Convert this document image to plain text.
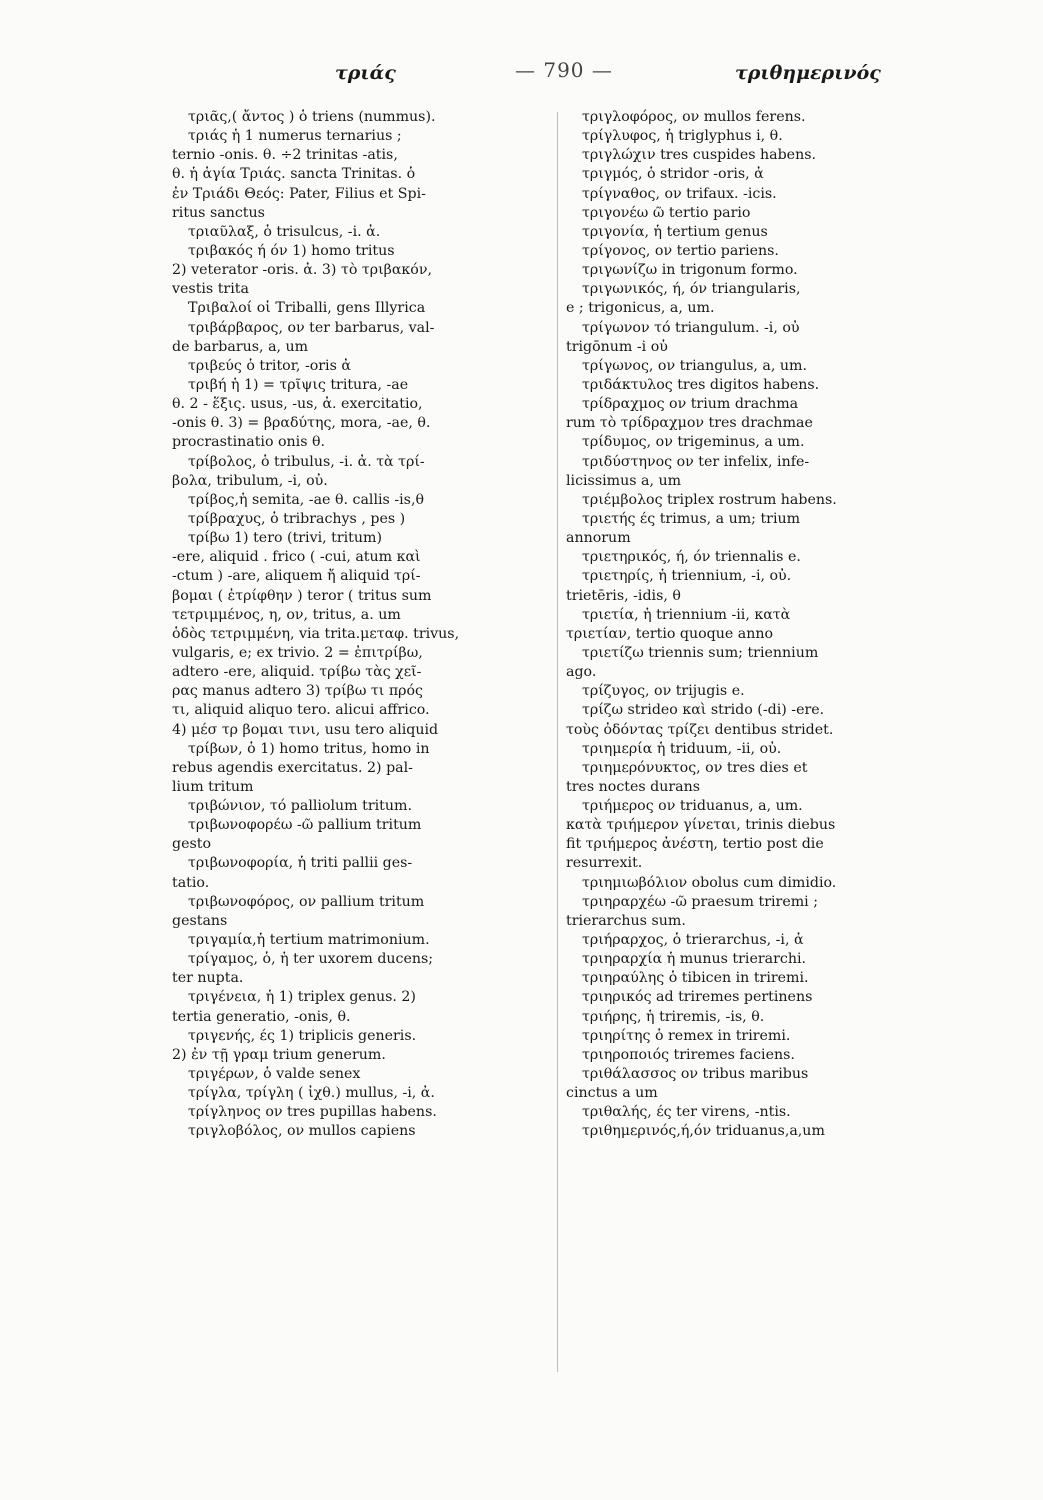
τριάς	— 790 —	τριθημερινός
τριᾶς,( ἄντος ) ὁ triens (nummus).
τριάς ἡ 1 numerus ternarius ;
ternio -onis. θ. ÷2 trinitas -atis,
θ. ἡ ἁγία Τριάς. sancta Trinitas. ὁ
ἐν Τριάδι Θεός: Pater, Filius et Spi-
ritus sanctus
τριαῦλαξ, ὁ trisulcus, -i. ἀ.
τριβακός ή όν 1) homo tritus
2) veterator -oris. ἀ. 3) τὸ τριβακόν,
vestis trita
Τριβαλοί οἱ Triballi, gens Illyrica
τριβάρβαρος, ον ter barbarus, val-
de barbarus, a, um
τριβεύς ὁ tritor, -oris ἀ
τριβή ἡ 1) = τρῖψις tritura, -ae
θ. 2 - ἕξις. usus, -us, ἀ. exercitatio,
-onis θ. 3) = βραδύτης, mora, -ae, θ.
procrastinatio onis θ.
τρίβολος, ὁ tribulus, -i. ἀ. τὰ τρί-
βολα, tribulum, -i, οὐ.
τρίβος,ἡ semita, -ae θ. callis -is,θ
τρίβραχυς, ὁ tribrachys , pes )
τρίβω 1) tero (trivi, tritum)
-ere, aliquid . frico ( -cui, atum καὶ
-ctum ) -are, aliquem ἤ aliquid τρί-
βομαι ( ἐτρίφθην ) teror ( tritus sum
τετριμμένος, η, ον, tritus, a. um
ὁδὸς τετριμμένη, via trita.μεταφ. trivus,
vulgaris, e; ex trivio. 2 = ἐπιτρίβω,
adtero -ere, aliquid. τρίβω τὰς χεῖ-
ρας manus adtero 3) τρίβω τι πρός
τι, aliquid aliquo tero. alicui affrico.
4) μέσ τρ βομαι τινι, usu tero aliquid
τρίβων, ὁ 1) homo tritus, homo in
rebus agendis exercitatus. 2) pal-
lium tritum
τριβώνιον, τό palliolum tritum.
τριβωνοφορέω -ῶ pallium tritum
gesto
τριβωνοφορία, ἡ triti pallii ges-
tatio.
τριβωνοφόρος, ον pallium tritum
gestans
τριγαμία,ἡ tertium matrimonium.
τρίγαμος, ὁ, ἡ ter uxorem ducens;
ter nupta.
τριγένεια, ἡ 1) triplex genus. 2)
tertia generatio, -onis, θ.
τριγενής, ές 1) triplicis generis.
2) ἐν τῇ γραμ trium generum.
τριγέρων, ὁ valde senex
τρίγλα, τρίγλη ( ἰχθ.) mullus, -i, ἀ.
τρίγληνος ον tres pupillas habens.
τριγλοβόλος, ον mullos capiens
τριγλοφόρος, ον mullos ferens.
τρίγλυφος, ἡ triglyphus i, θ.
τριγλώχιν tres cuspides habens.
τριγμός, ὁ stridor -oris, ἀ
τρίγναθος, ον trifaux. -icis.
τριγονέω ῶ tertio pario
τριγονία, ἡ tertium genus
τρίγονος, ον tertio pariens.
τριγωνίζω in trigonum formo.
τριγωνικός, ή, όν triangularis,
e ; trigonicus, a, um.
τρίγωνον τό triangulum. -i, οὐ
trigōnum -i οὐ
τρίγωνος, ον triangulus, a, um.
τριδάκτυλος tres digitos habens.
τρίδραχμος ον trium drachma
rum τὸ τρίδραχμον tres drachmae
τρίδυμος, ον trigeminus, a um.
τριδύστηνος ον ter infelix, infe-
licissimus a, um
τριέμβολος triplex rostrum habens.
τριετής ές trimus, a um; trium
annorum
τριετηρικός, ή, όν triennalis e.
τριετηρίς, ἡ triennium, -i, οὐ.
trietēris, -idis, θ
τριετία, ἡ triennium -ii, κατὰ
τριετίαν, tertio quoque anno
τριετίζω triennis sum; triennium
ago.
τρίζυγος, ον trijugis e.
τρίζω strideo καὶ strido (-di) -ere.
τοὺς ὀδόντας τρίζει dentibus stridet.
τριημερία ἡ triduum, -ii, οὐ.
τριημερόνυκτος, ον tres dies et
tres noctes durans
τριήμερος ον triduanus, a, um.
κατὰ τριήμερον γίνεται, trinis diebus
fit τριήμερος ἀνέστη, tertio post die
resurrexit.
τριημιωβόλιον obolus cum dimidio.
τριηραρχέω -ῶ praesum triremi ;
trierarchus sum.
τριήραρχος, ὁ trierarchus, -i, ἀ
τριηραρχία ἡ munus trierarchi.
τριηραύλης ὁ tibicen in triremi.
τριηρικός ad triremes pertinens
τριήρης, ἡ triremis, -is, θ.
τριηρίτης ὁ remex in triremi.
τριηροποιός triremes faciens.
τριθάλασσος ον tribus maribus
cinctus a um
τριθαλής, ές ter virens, -ntis.
τριθημερινός,ή,όν triduanus,a,um
